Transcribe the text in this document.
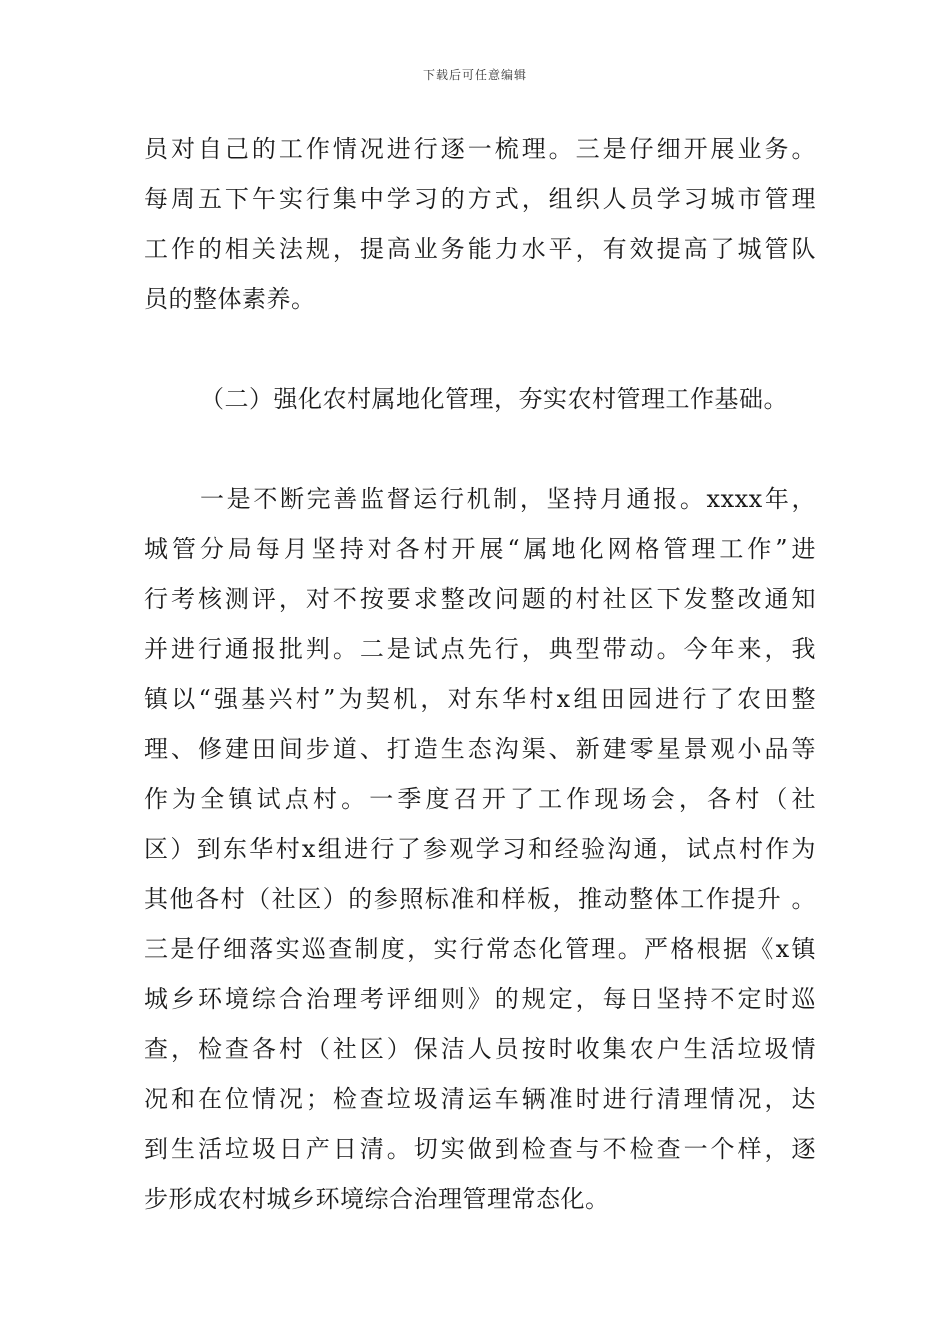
下载后可任意编辑
员对自己的工作情况进行逐一梳理。三是仔细开展业务。
每周五下午实行集中学习的方式，组织人员学习城市管理
工作的相关法规，提高业务能力水平，有效提高了城管队
员的整体素养。
（二）强化农村属地化管理，夯实农村管理工作基础。
一是不断完善监督运行机制，坚持月通报。xxxx年，
城管分局每月坚持对各村开展“属地化网格管理工作”进
行考核测评，对不按要求整改问题的村社区下发整改通知
并进行通报批判。二是试点先行，典型带动。今年来，我
镇以“强基兴村”为契机，对东华村x组田园进行了农田整
理、修建田间步道、打造生态沟渠、新建零星景观小品等
作为全镇试点村。一季度召开了工作现场会，各村（社
区）到东华村x组进行了参观学习和经验沟通，试点村作为
其他各村（社区）的参照标准和样板，推动整体工作提升 。
三是仔细落实巡查制度，实行常态化管理。严格根据《x镇
城乡环境综合治理考评细则》的规定，每日坚持不定时巡
查，检查各村（社区）保洁人员按时收集农户生活垃圾情
况和在位情况；检查垃圾清运车辆准时进行清理情况，达
到生活垃圾日产日清。切实做到检查与不检查一个样，逐
步形成农村城乡环境综合治理管理常态化。
